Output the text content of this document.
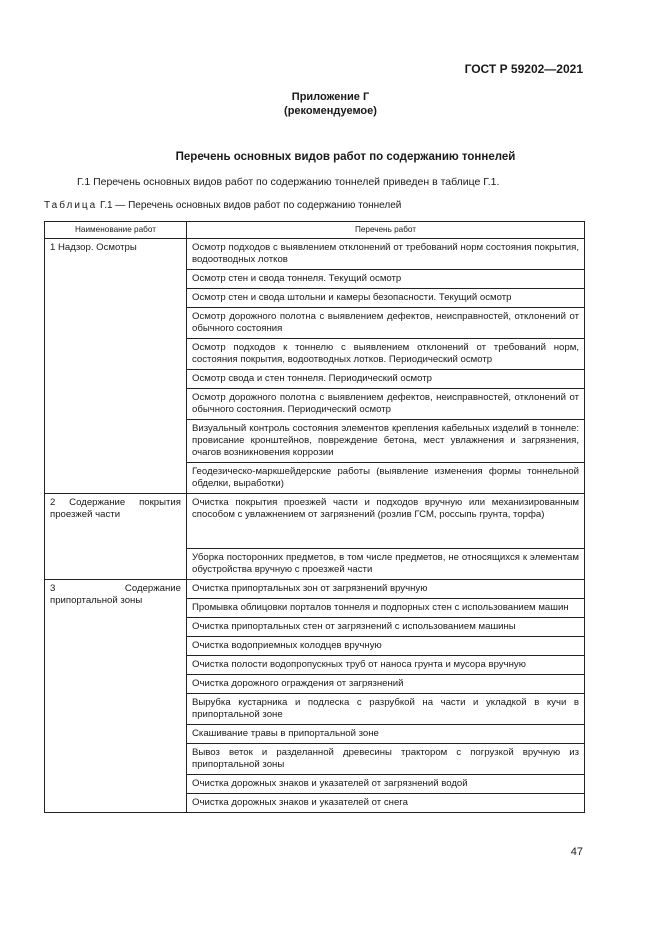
ГОСТ Р 59202—2021
Приложение Г
(рекомендуемое)
Перечень основных видов работ по содержанию тоннелей
Г.1 Перечень основных видов работ по содержанию тоннелей приведен в таблице Г.1.
Таблица Г.1 — Перечень основных видов работ по содержанию тоннелей
Наименование работ	Перечень работ
1 Надзор. Осмотры	Осмотр подходов с выявлением отклонений от требований норм состояния покрытия, водоотводных лотков
	Осмотр стен и свода тоннеля. Текущий осмотр
	Осмотр стен и свода штольни и камеры безопасности. Текущий осмотр
	Осмотр дорожного полотна с выявлением дефектов, неисправностей, отклонений от обычного состояния
	Осмотр подходов к тоннелю с выявлением отклонений от требований норм, состояния покрытия, водоотводных лотков. Периодический осмотр
	Осмотр свода и стен тоннеля. Периодический осмотр
	Осмотр дорожного полотна с выявлением дефектов, неисправностей, отклонений от обычного состояния. Периодический осмотр
	Визуальный контроль состояния элементов крепления кабельных изделий в тоннеле: провисание кронштейнов, повреждение бетона, мест увлажнения и загрязнения, очагов возникновения коррозии
	Геодезическо-маркшейдерские работы (выявление изменения формы тоннельной обделки, выработки)
2 Содержание покрытия проезжей части	Очистка покрытия проезжей части и подходов вручную или механизированным способом с увлажнением от загрязнений (розлив ГСМ, россыпь грунта, торфа)
	Уборка посторонних предметов, в том числе предметов, не относящихся к элементам обустройства вручную с проезжей части
3 Содержание припортальной зоны	Очистка припортальных зон от загрязнений вручную
	Промывка облицовки порталов тоннеля и подпорных стен с использованием машин
	Очистка припортальных стен от загрязнений с использованием машины
	Очистка водоприемных колодцев вручную
	Очистка полости водопропускных труб от наноса грунта и мусора вручную
	Очистка дорожного ограждения от загрязнений
	Вырубка кустарника и подлеска с разрубкой на части и укладкой в кучи в припортальной зоне
	Скашивание травы в припортальной зоне
	Вывоз веток и разделанной древесины трактором с погрузкой вручную из припортальной зоны
	Очистка дорожных знаков и указателей от загрязнений водой
	Очистка дорожных знаков и указателей от снега
47
